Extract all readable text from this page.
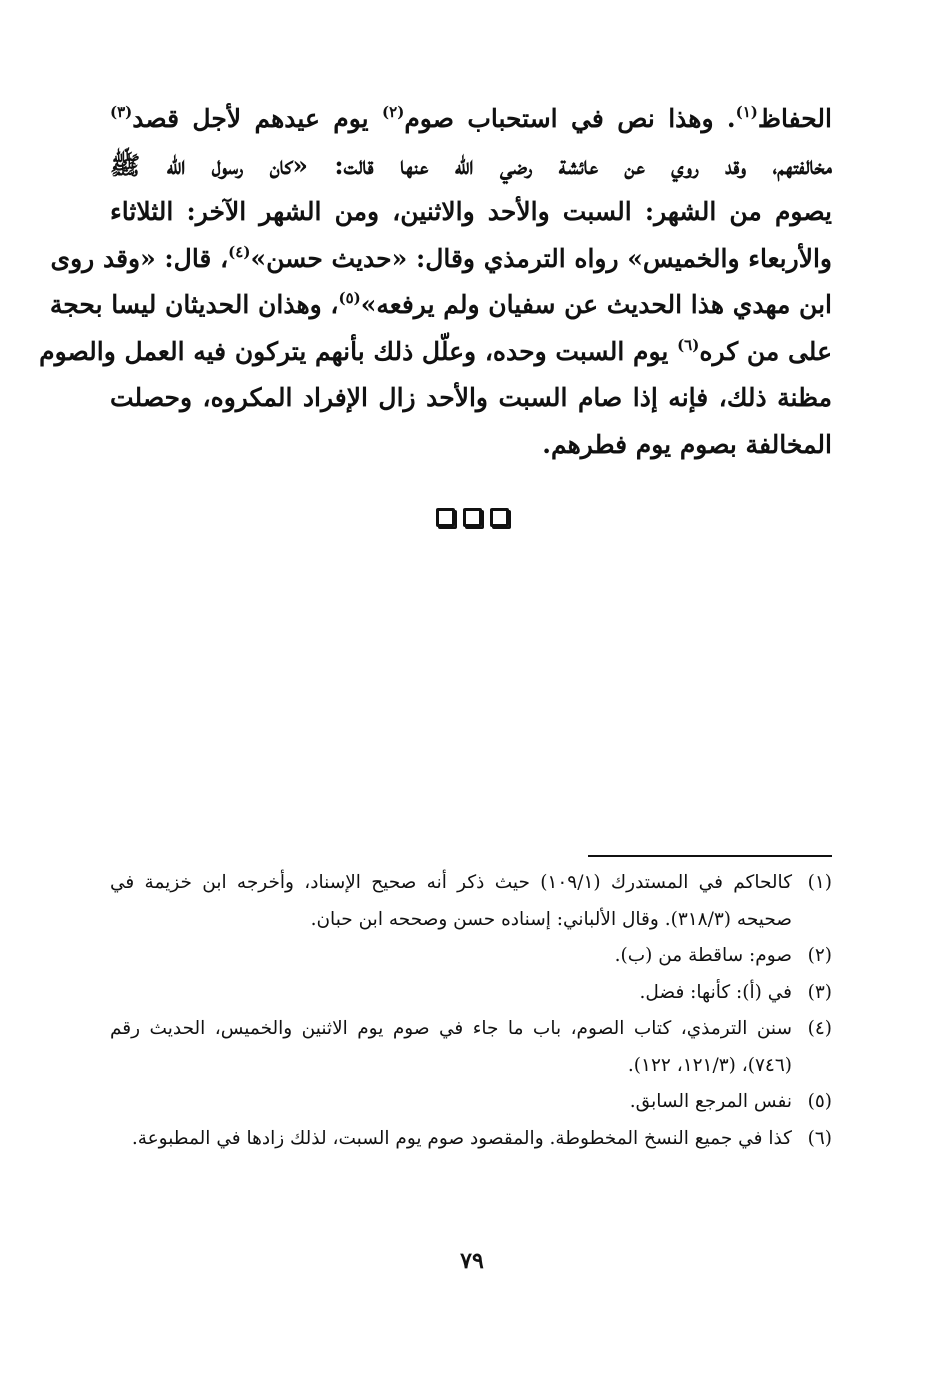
الحفاظ$^{(١)}$. وهذا نص في استحباب صوم$^{(٢)}$ يوم عيدهم لأجل قصد$^{(٣)}$
مخالفتهم، وقد روي عن عائشة رضي الله عنها قالت: «كان رسول الله ﷺ
يصوم من الشهر: السبت والأحد والاثنين، ومن الشهر الآخر: الثلاثاء
والأربعاء والخميس» رواه الترمذي وقال: «حديث حسن»$^{(٤)}$، قال: «وقد روى
ابن مهدي هذا الحديث عن سفيان ولم يرفعه»$^{(٥)}$، وهذان الحديثان ليسا بحجة
على من كره$^{(٦)}$ يوم السبت وحده، وعلّل ذلك بأنهم يتركون فيه العمل والصوم
مظنة ذلك، فإنه إذا صام السبت والأحد زال الإفراد المكروه، وحصلت
المخالفة بصوم يوم فطرهم.
(١)
كالحاكم في المستدرك (١٠٩/١) حيث ذكر أنه صحيح الإسناد، وأخرجه ابن خزيمة في صحيحه (٣١٨/٣). وقال الألباني: إسناده حسن وصححه ابن حبان.
(٢)
صوم: ساقطة من (ب).
(٣)
في (أ): كأنها: فضل.
(٤)
سنن الترمذي، كتاب الصوم، باب ما جاء في صوم يوم الاثنين والخميس، الحديث رقم (٧٤٦)، (١٢١/٣، ١٢٢).
(٥)
نفس المرجع السابق.
(٦)
كذا في جميع النسخ المخطوطة. والمقصود صوم يوم السبت، لذلك زادها في المطبوعة.
٧٩
